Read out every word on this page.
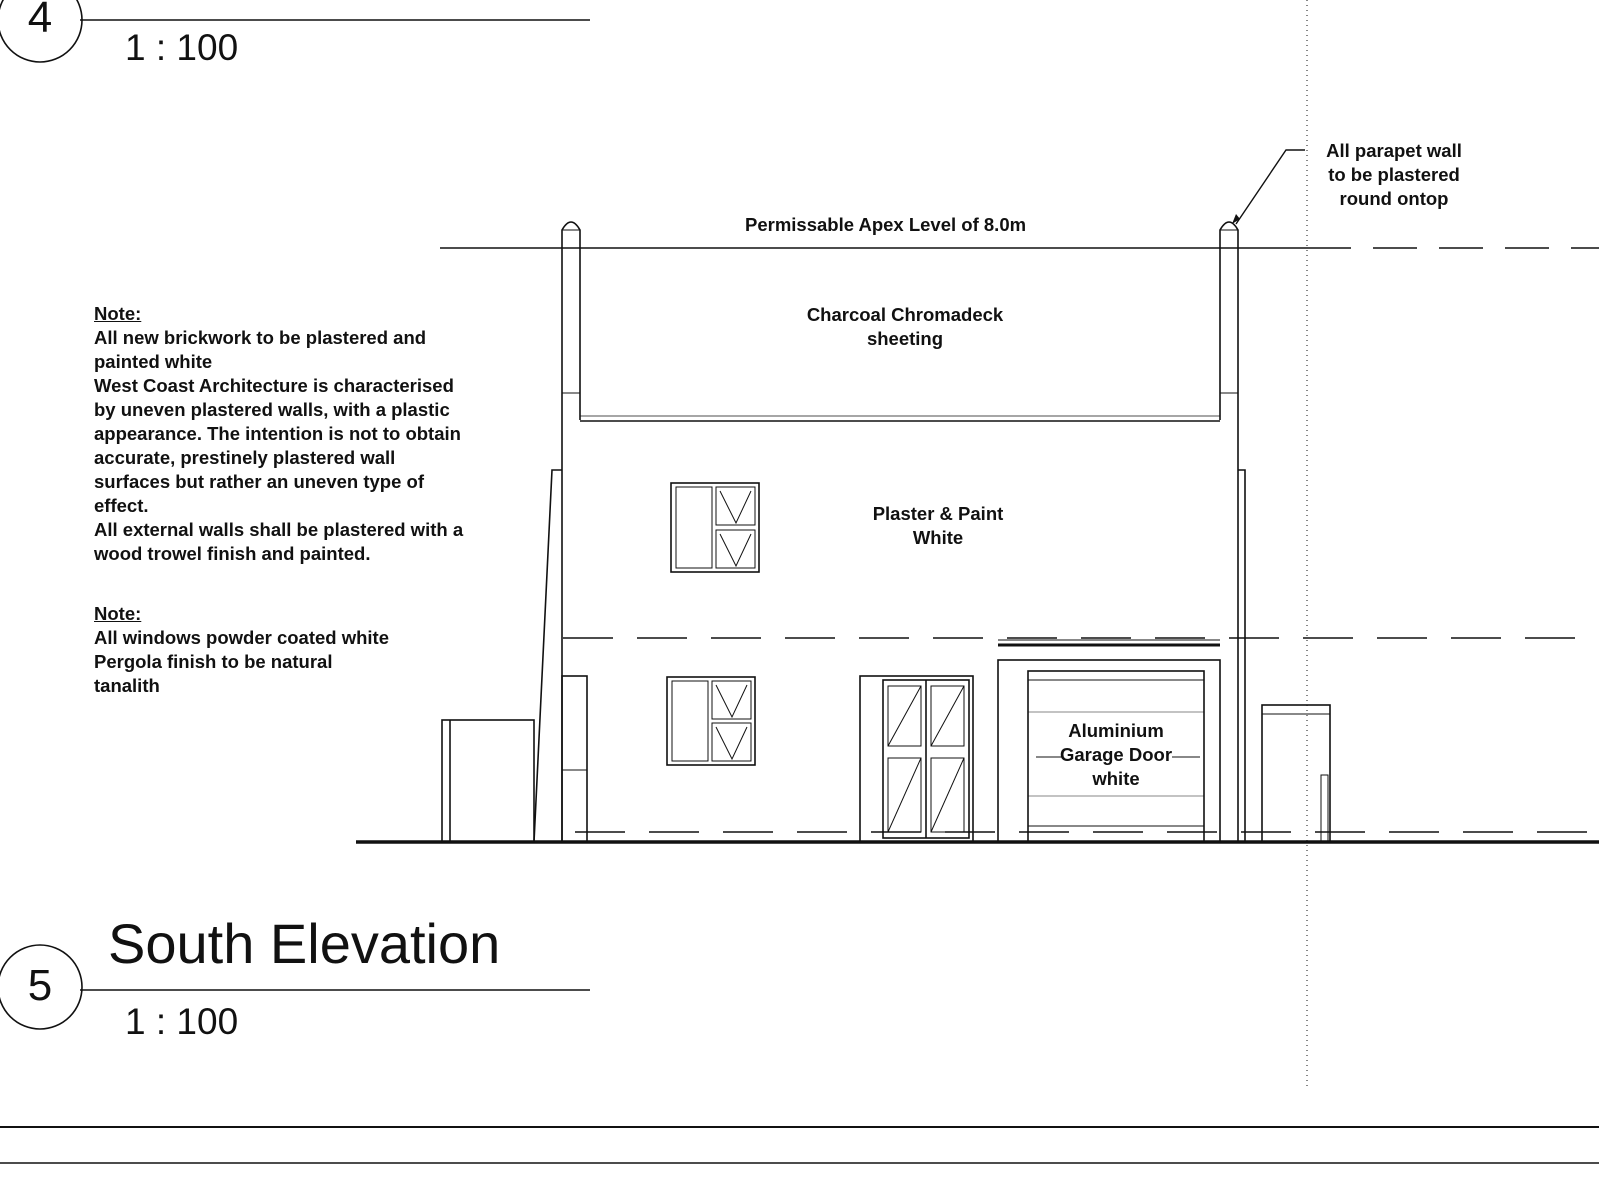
4
1 : 100
5
South Elevation
1 : 100
Note:
All new brickwork to be plastered and
painted white
West Coast Architecture is characterised
by uneven plastered walls, with a plastic
appearance. The intention is not to obtain
accurate, prestinely plastered wall
surfaces but rather an uneven type of
effect.
All external walls shall be plastered with a
wood trowel finish and painted.
Note:
All windows powder coated white
Pergola finish to be natural
tanalith
Permissable Apex Level of 8.0m
All parapet wall
to be plastered
round ontop
Charcoal Chromadeck
sheeting
Plaster & Paint
White
Aluminium
Garage Door
white
